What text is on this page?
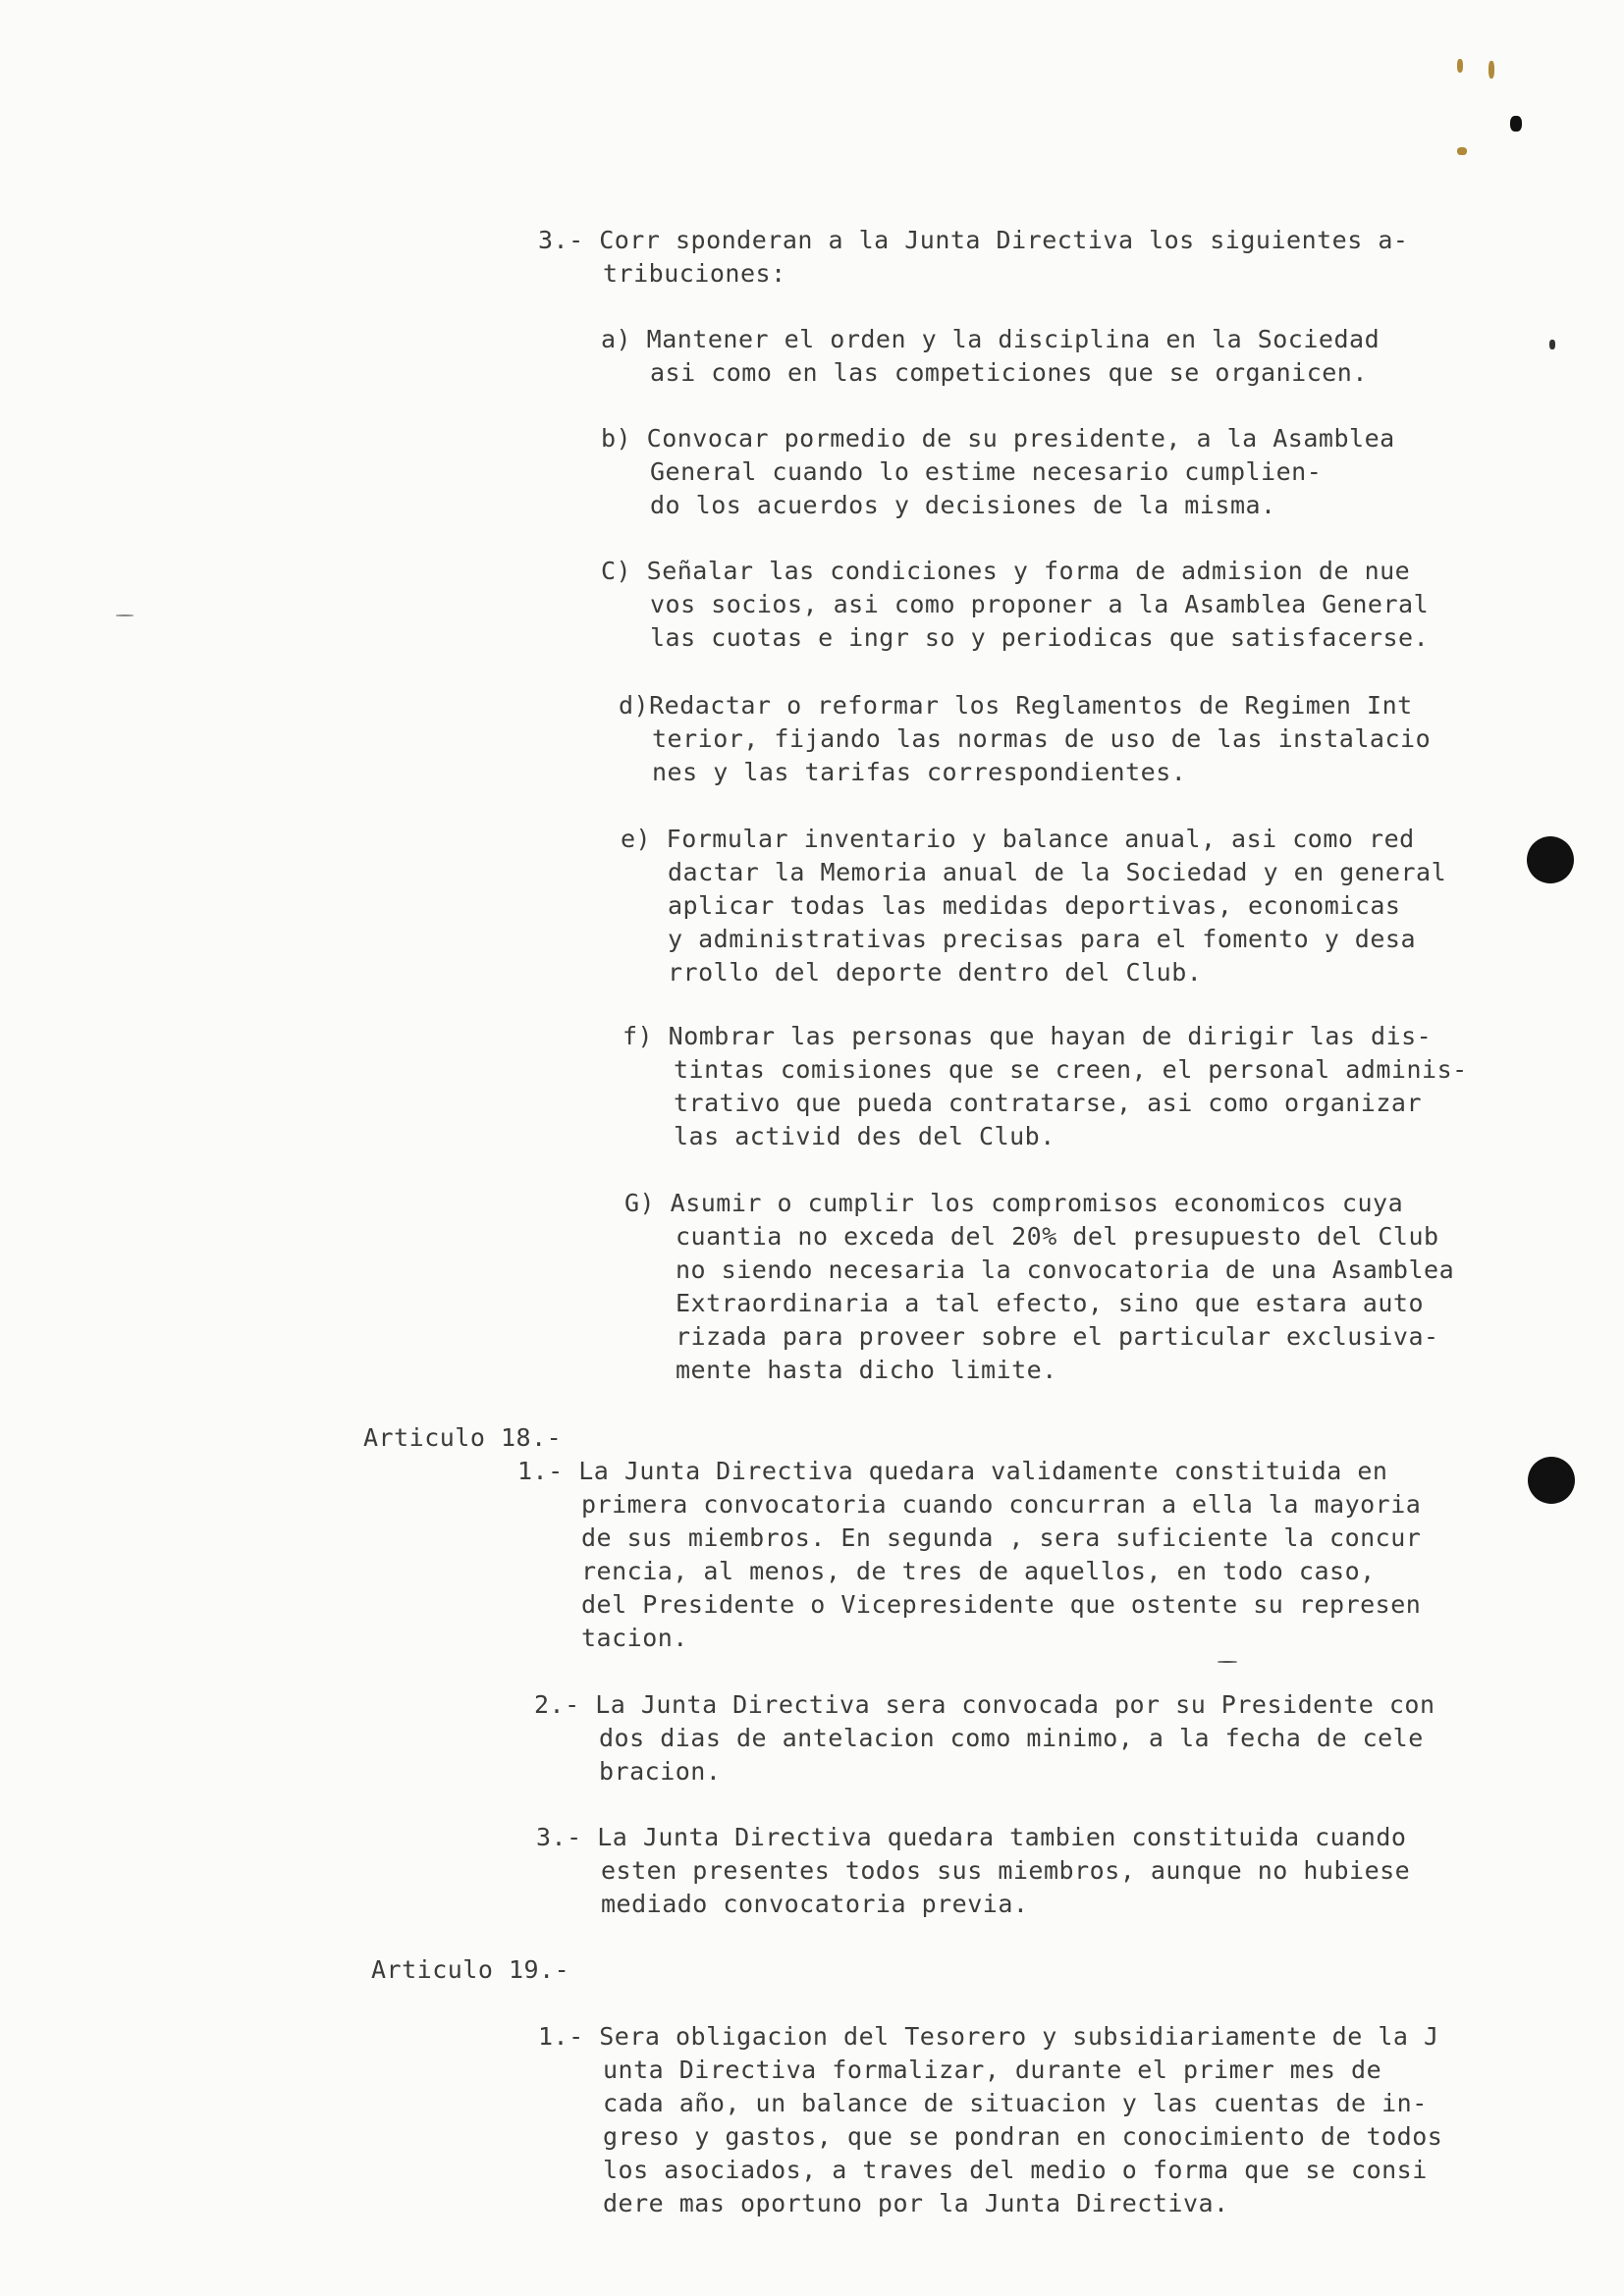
3.- Corr sponderan a la Junta Directiva los siguientes a-
tribuciones:
a) Mantener el orden y la disciplina en la Sociedad
asi como en las competiciones que se organicen.
b) Convocar pormedio de su presidente, a la Asamblea
General cuando lo estime necesario cumplien-
do los acuerdos y decisiones de la misma.
C) Señalar las condiciones y forma de admision de nue
vos socios, asi como proponer a la Asamblea General
las cuotas e ingr so y periodicas que satisfacerse.
d)Redactar o reformar los Reglamentos de Regimen Int
terior, fijando las normas de uso de las instalacio
nes y las tarifas correspondientes.
e) Formular inventario y balance anual, asi como red
dactar la Memoria anual de la Sociedad y en general
aplicar todas las medidas deportivas, economicas
y administrativas precisas para el fomento y desa
rrollo del deporte dentro del Club.
f) Nombrar las personas que hayan de dirigir las dis-
tintas comisiones que se creen, el personal adminis-
trativo que pueda contratarse, asi como organizar
las activid des del Club.
G) Asumir o cumplir los compromisos economicos cuya
cuantia no exceda del 20% del presupuesto del Club
no siendo necesaria la convocatoria de una Asamblea
Extraordinaria a tal efecto, sino que estara auto
rizada para proveer sobre el particular exclusiva-
mente hasta dicho limite.
Articulo 18.-
1.- La Junta Directiva quedara validamente constituida en
primera convocatoria cuando concurran a ella la mayoria
de sus miembros. En segunda , sera suficiente la concur
rencia, al menos, de tres de aquellos, en todo caso,
del Presidente o Vicepresidente que ostente su represen
tacion.
2.- La Junta Directiva sera convocada por su Presidente con
dos dias de antelacion como minimo, a la fecha de cele
bracion.
3.- La Junta Directiva quedara tambien constituida cuando
esten presentes todos sus miembros, aunque no hubiese
mediado convocatoria previa.
Articulo 19.-
1.- Sera obligacion del Tesorero y subsidiariamente de la J
unta Directiva formalizar, durante el primer mes de
cada año, un balance de situacion y las cuentas de in-
greso y gastos, que se pondran en conocimiento de todos
los asociados, a traves del medio o forma que se consi
dere mas oportuno por la Junta Directiva.
